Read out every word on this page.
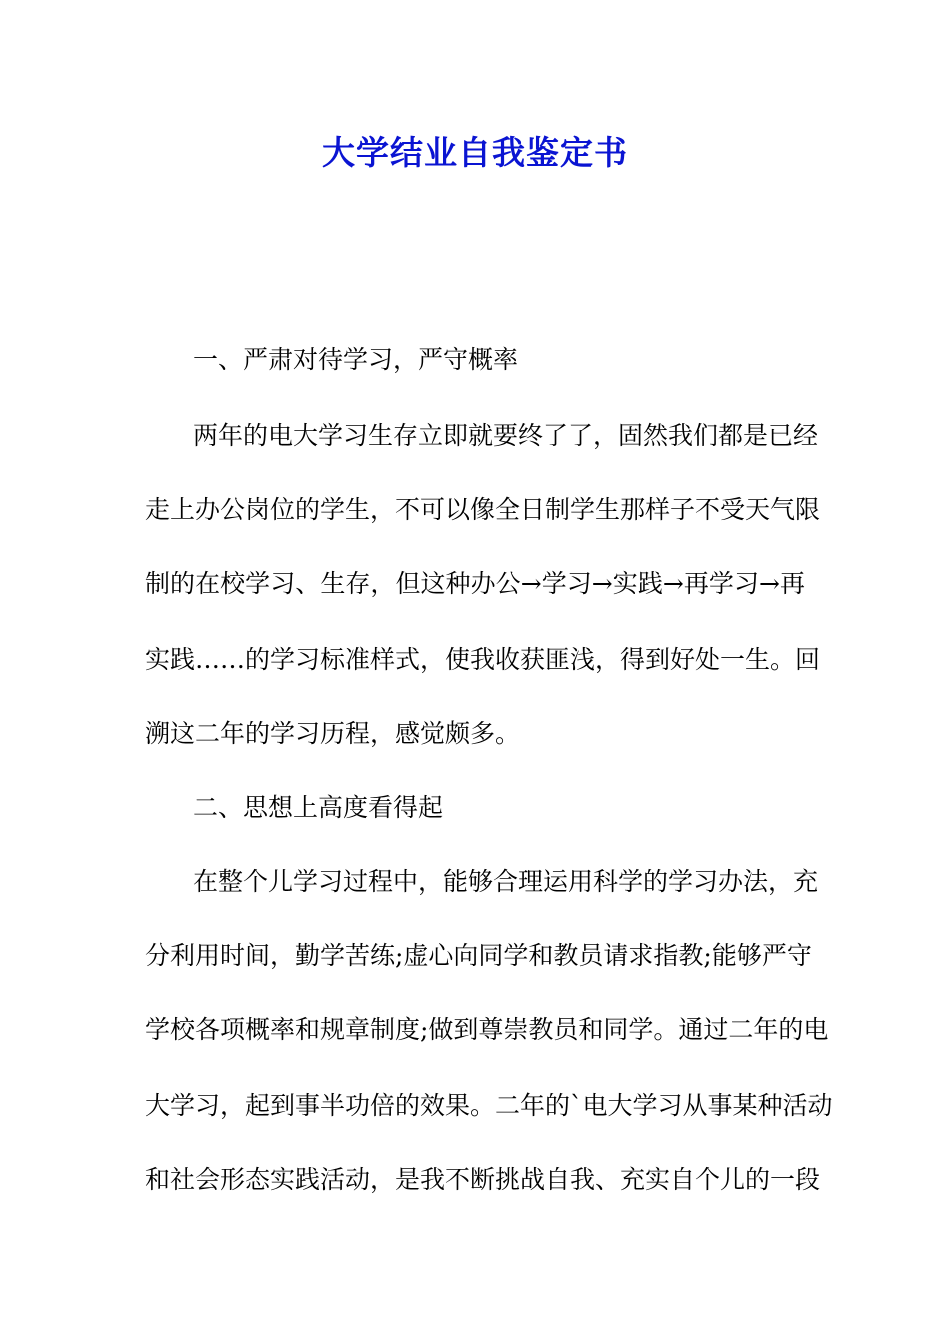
大学结业自我鉴定书
一、严肃对待学习，严守概率
两年的电大学习生存立即就要终了了，固然我们都是已经
走上办公岗位的学生，不可以像全日制学生那样子不受天气限
制的在校学习、生存，但这种办公→学习→实践→再学习→再
实践……的学习标准样式，使我收获匪浅，得到好处一生。回
溯这二年的学习历程，感觉颇多。
二、思想上高度看得起
在整个儿学习过程中，能够合理运用科学的学习办法，充
分利用时间，勤学苦练;虚心向同学和教员请求指教;能够严守
学校各项概率和规章制度;做到尊崇教员和同学。通过二年的电
大学习，起到事半功倍的效果。二年的`电大学习从事某种活动
和社会形态实践活动，是我不断挑战自我、充实自个儿的一段
